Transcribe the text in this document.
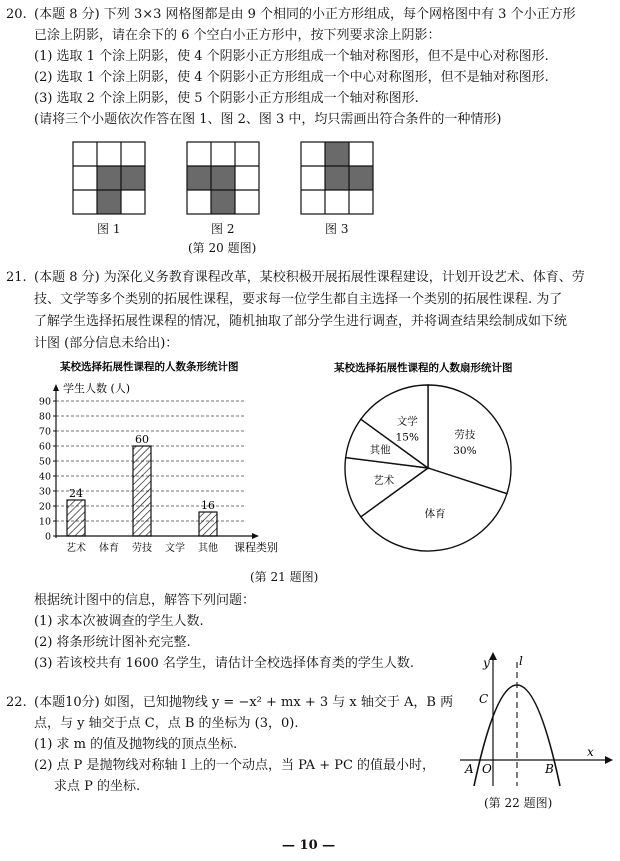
20. (本题 8 分) 下列 3×3 网格图都是由 9 个相同的小正方形组成，每个网格图中有 3 个小正方形
已涂上阴影，请在余下的 6 个空白小正方形中，按下列要求涂上阴影：
(1) 选取 1 个涂上阴影，使 4 个阴影小正方形组成一个轴对称图形，但不是中心对称图形.
(2) 选取 1 个涂上阴影，使 4 个阴影小正方形组成一个中心对称图形，但不是轴对称图形.
(3) 选取 2 个涂上阴影，使 5 个阴影小正方形组成一个轴对称图形.
(请将三个小题依次作答在图 1、图 2、图 3 中，均只需画出符合条件的一种情形)
图 1	图 2	图 3
(第 20 题图)
21. (本题 8 分) 为深化义务教育课程改革，某校积极开展拓展性课程建设，计划开设艺术、体育、劳
技、文学等多个类别的拓展性课程，要求每一位学生都自主选择一个类别的拓展性课程. 为了
了解学生选择拓展性课程的情况，随机抽取了部分学生进行调查，并将调查结果绘制成如下统
计图 (部分信息未给出)：
某校选择拓展性课程的人数条形统计图
学生人数 (人)
0
10
20
30
40
50
60
70
80
90
艺术
24
体育 劳技
60
文学 其他
16
课程类别
某校选择拓展性课程的人数扇形统计图
劳技
30%
体育
艺术
其他
文学
15%
(第 21 题图)
根据统计图中的信息，解答下列问题：
(1) 求本次被调查的学生人数.
(2) 将条形统计图补充完整.
(3) 若该校共有 1600 名学生，请估计全校选择体育类的学生人数.
22. (本题10分) 如图，已知抛物线 y = −x² + mx + 3 与 x 轴交于 A，B 两
点，与 y 轴交于点 C，点 B 的坐标为 (3，0).
(1) 求 m 的值及抛物线的顶点坐标.
(2) 点 P 是抛物线对称轴 l 上的一个动点，当 PA + PC 的值最小时，
求点 P 的坐标.
y l
C
A O	B
x
(第 22 题图)
— 10 —
